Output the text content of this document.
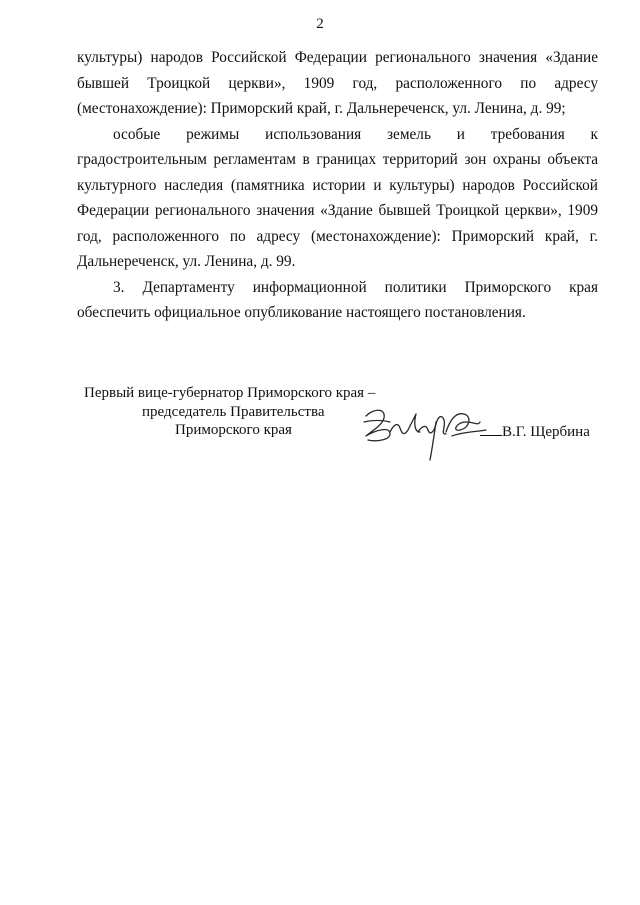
2

культуры) народов Российской Федерации регионального значения «Здание бывшей Троицкой церкви», 1909 год, расположенного по адресу (местонахождение): Приморский край, г. Дальнереченск, ул. Ленина, д. 99;

особые режимы использования земель и требования к градостроительным регламентам в границах территорий зон охраны объекта культурного наследия (памятника истории и культуры) народов Российской Федерации регионального значения «Здание бывшей Троицкой церкви», 1909 год, расположенного по адресу (местонахождение): Приморский край, г. Дальнереченск, ул. Ленина, д. 99.

3. Департаменту информационной политики Приморского края обеспечить официальное опубликование настоящего постановления.

Первый вице-губернатор Приморского края –
председатель Правительства
Приморского края	В.Г. Щербина
